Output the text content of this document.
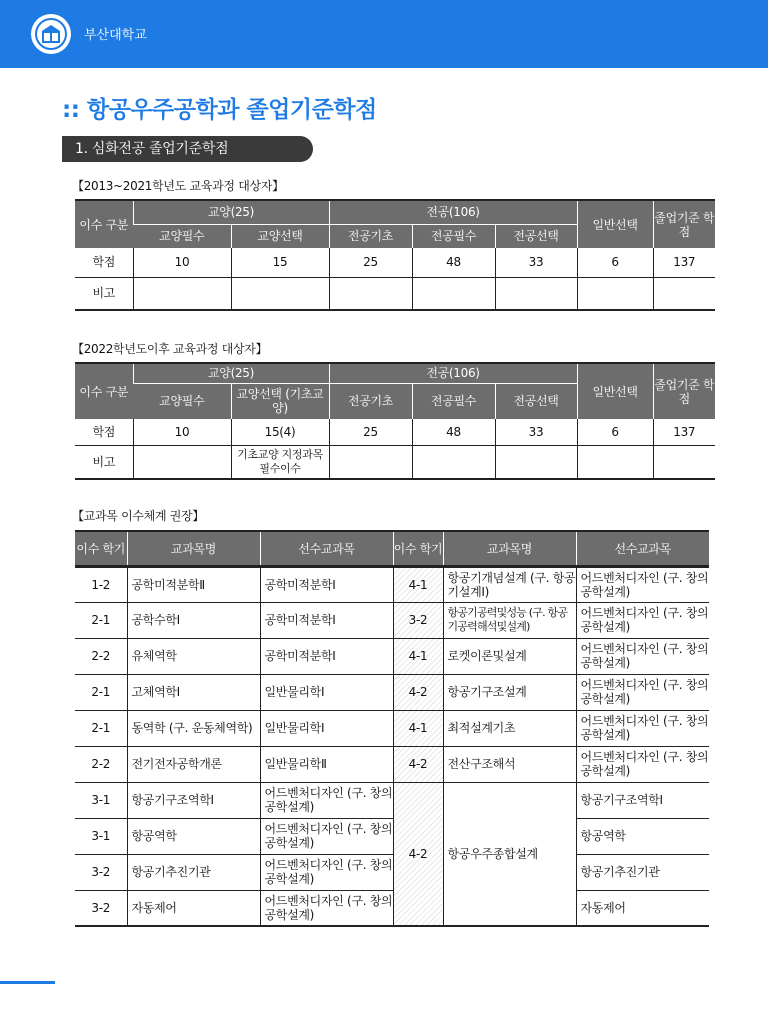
부산대학교
:: 항공우주공학과 졸업기준학점
1. 심화전공 졸업기준학점
【2013~2021학년도 교육과정 대상자】
이수 구분	교양(25)		전공(106)			일반선택	졸업기준 학점
	교양필수	교양선택	전공기초	전공필수	전공선택		
학점	10	15	25	48	33	6	137
비고							
【2022학년도이후 교육과정 대상자】
이수 구분	교양(25)		전공(106)			일반선택	졸업기준 학점
	교양필수	교양선택 (기초교양)	전공기초	전공필수	전공선택		
학점	10	15(4)	25	48	33	6	137
비고		기초교양 지정과목 필수이수					
【교과목 이수체계 권장】
이수 학기	교과목명	선수교과목	이수 학기	교과목명	선수교과목

1-2	공학미적분학Ⅱ	공학미적분학Ⅰ	4-1	항공기개념설계 (구. 항공기설계Ⅰ)	어드벤처디자인 (구. 창의공학설계)
2-1	공학수학Ⅰ	공학미적분학Ⅰ	3-2	항공기공력및성능 (구. 항공기공력해석및설계)	어드벤처디자인 (구. 창의공학설계)
2-2	유체역학	공학미적분학Ⅰ	4-1	로켓이론및설계	어드벤처디자인 (구. 창의공학설계)
2-1	고체역학Ⅰ	일반물리학Ⅰ	4-2	항공기구조설계	어드벤처디자인 (구. 창의공학설계)
2-1	동역학 (구. 운동체역학)	일반물리학Ⅰ	4-1	최적설계기초	어드벤처디자인 (구. 창의공학설계)
2-2	전기전자공학개론	일반물리학Ⅱ	4-2	전산구조해석	어드벤처디자인 (구. 창의공학설계)
3-1	항공기구조역학Ⅰ	어드벤처디자인 (구. 창의공학설계)	4-2	항공우주종합설계	항공기구조역학Ⅰ
3-1	항공역학	어드벤처디자인 (구. 창의공학설계)			항공역학
3-2	항공기추진기관	어드벤처디자인 (구. 창의공학설계)			항공기추진기관
3-2	자동제어	어드벤처디자인 (구. 창의공학설계)			자동제어
